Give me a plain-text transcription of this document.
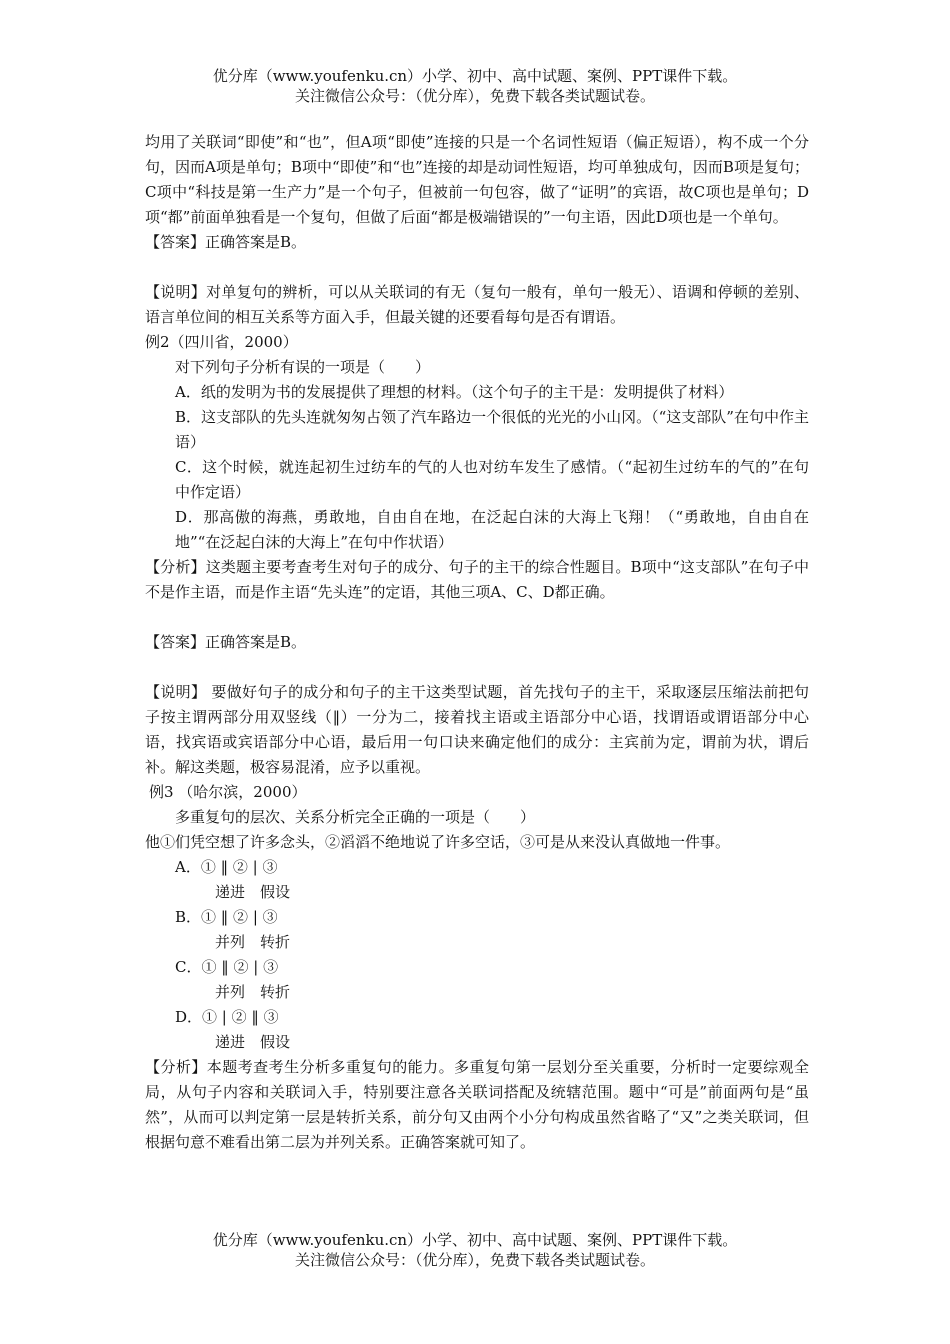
优分库（www.youfenku.cn）小学、初中、高中试题、案例、PPT课件下载。
关注微信公众号：（优分库），免费下载各类试题试卷。

均用了关联词“即使”和“也”，但A项“即使”连接的只是一个名词性短语（偏正短语），构不成一个分句，因而A项是单句；B项中“即使”和“也”连接的却是动词性短语，均可单独成句，因而B项是复句；C项中“科技是第一生产力”是一个句子，但被前一句包容，做了“证明”的宾语，故C项也是单句；D项“都”前面单独看是一个复句，但做了后面“都是极端错误的”一句主语，因此D项也是一个单句。

【答案】正确答案是B。

【说明】对单复句的辨析，可以从关联词的有无（复句一般有，单句一般无）、语调和停顿的差别、语言单位间的相互关系等方面入手，但最关键的还要看每句是否有谓语。

例2（四川省，2000）

对下列句子分析有误的一项是（　　）

A．纸的发明为书的发展提供了理想的材料。（这个句子的主干是：发明提供了材料）

B．这支部队的先头连就匆匆占领了汽车路边一个很低的光光的小山冈。（“这支部队”在句中作主语）

C．这个时候，就连起初生过纺车的气的人也对纺车发生了感情。（“起初生过纺车的气的”在句中作定语）

D．那高傲的海燕，勇敢地，自由自在地，在泛起白沫的大海上飞翔！（“勇敢地，自由自在地”“在泛起白沫的大海上”在句中作状语）

【分析】这类题主要考查考生对句子的成分、句子的主干的综合性题目。B项中“这支部队”在句子中不是作主语，而是作主语“先头连”的定语，其他三项A、C、D都正确。

【答案】正确答案是B。

【说明】 要做好句子的成分和句子的主干这类型试题，首先找句子的主干，采取逐层压缩法前把句子按主谓两部分用双竖线（‖）一分为二，接着找主语或主语部分中心语，找谓语或谓语部分中心语，找宾语或宾语部分中心语，最后用一句口诀来确定他们的成分：主宾前为定，谓前为状，谓后补。解这类题，极容易混淆，应予以重视。

例3 （哈尔滨，2000）

多重复句的层次、关系分析完全正确的一项是（　　）

他①们凭空想了许多念头，②滔滔不绝地说了许多空话，③可是从来没认真做地一件事。

A．① ‖ ② | ③

递进　假设

B．① ‖ ② | ③

并列　转折

C．① ‖ ② | ③

并列　转折

D．① | ② ‖ ③

递进　假设

【分析】本题考查考生分析多重复句的能力。多重复句第一层划分至关重要，分析时一定要综观全局，从句子内容和关联词入手，特别要注意各关联词搭配及统辖范围。题中“可是”前面两句是“虽然”，从而可以判定第一层是转折关系，前分句又由两个小分句构成虽然省略了“又”之类关联词，但根据句意不难看出第二层为并列关系。正确答案就可知了。

优分库（www.youfenku.cn）小学、初中、高中试题、案例、PPT课件下载。
关注微信公众号：（优分库），免费下载各类试题试卷。
